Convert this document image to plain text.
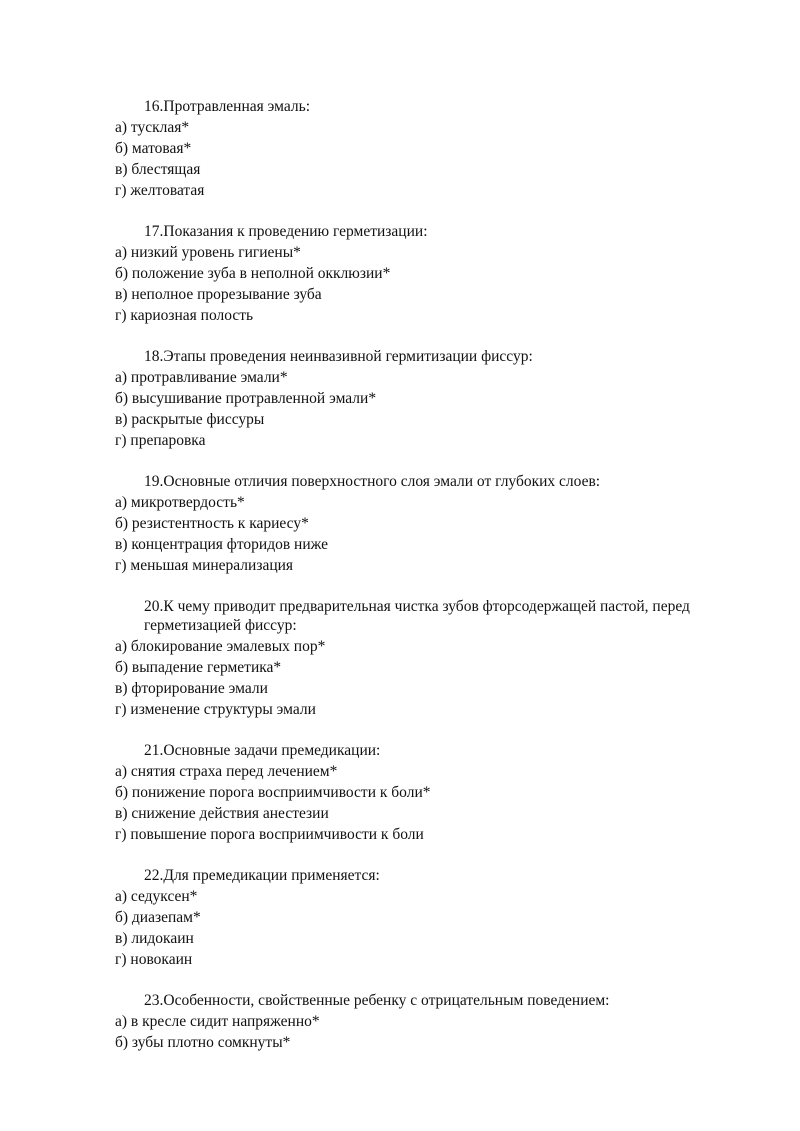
16.Протравленная эмаль:
а) тусклая*
б) матовая*
в) блестящая
г) желтоватая
17.Показания к проведению герметизации:
а) низкий уровень гигиены*
б) положение зуба в неполной окклюзии*
в) неполное прорезывание зуба
г) кариозная полость
18.Этапы проведения неинвазивной гермитизации фиссур:
а) протравливание эмали*
б) высушивание протравленной эмали*
в) раскрытые фиссуры
г) препаровка
19.Основные отличия поверхностного слоя эмали от глубоких слоев:
а) микротвердость*
б) резистентность к кариесу*
в) концентрация фторидов ниже
г) меньшая минерализация
20.К чему приводит предварительная чистка зубов фторсодержащей пастой, перед герметизацией фиссур:
а) блокирование эмалевых пор*
б) выпадение герметика*
в) фторирование эмали
г) изменение структуры эмали
21.Основные задачи премедикации:
а) снятия страха перед лечением*
б) понижение порога восприимчивости к боли*
в) снижение действия анестезии
г) повышение порога восприимчивости к боли
22.Для премедикации применяется:
а) седуксен*
б) диазепам*
в) лидокаин
г) новокаин
23.Особенности, свойственные ребенку с отрицательным поведением:
а) в кресле сидит напряженно*
б) зубы плотно сомкнуты*
